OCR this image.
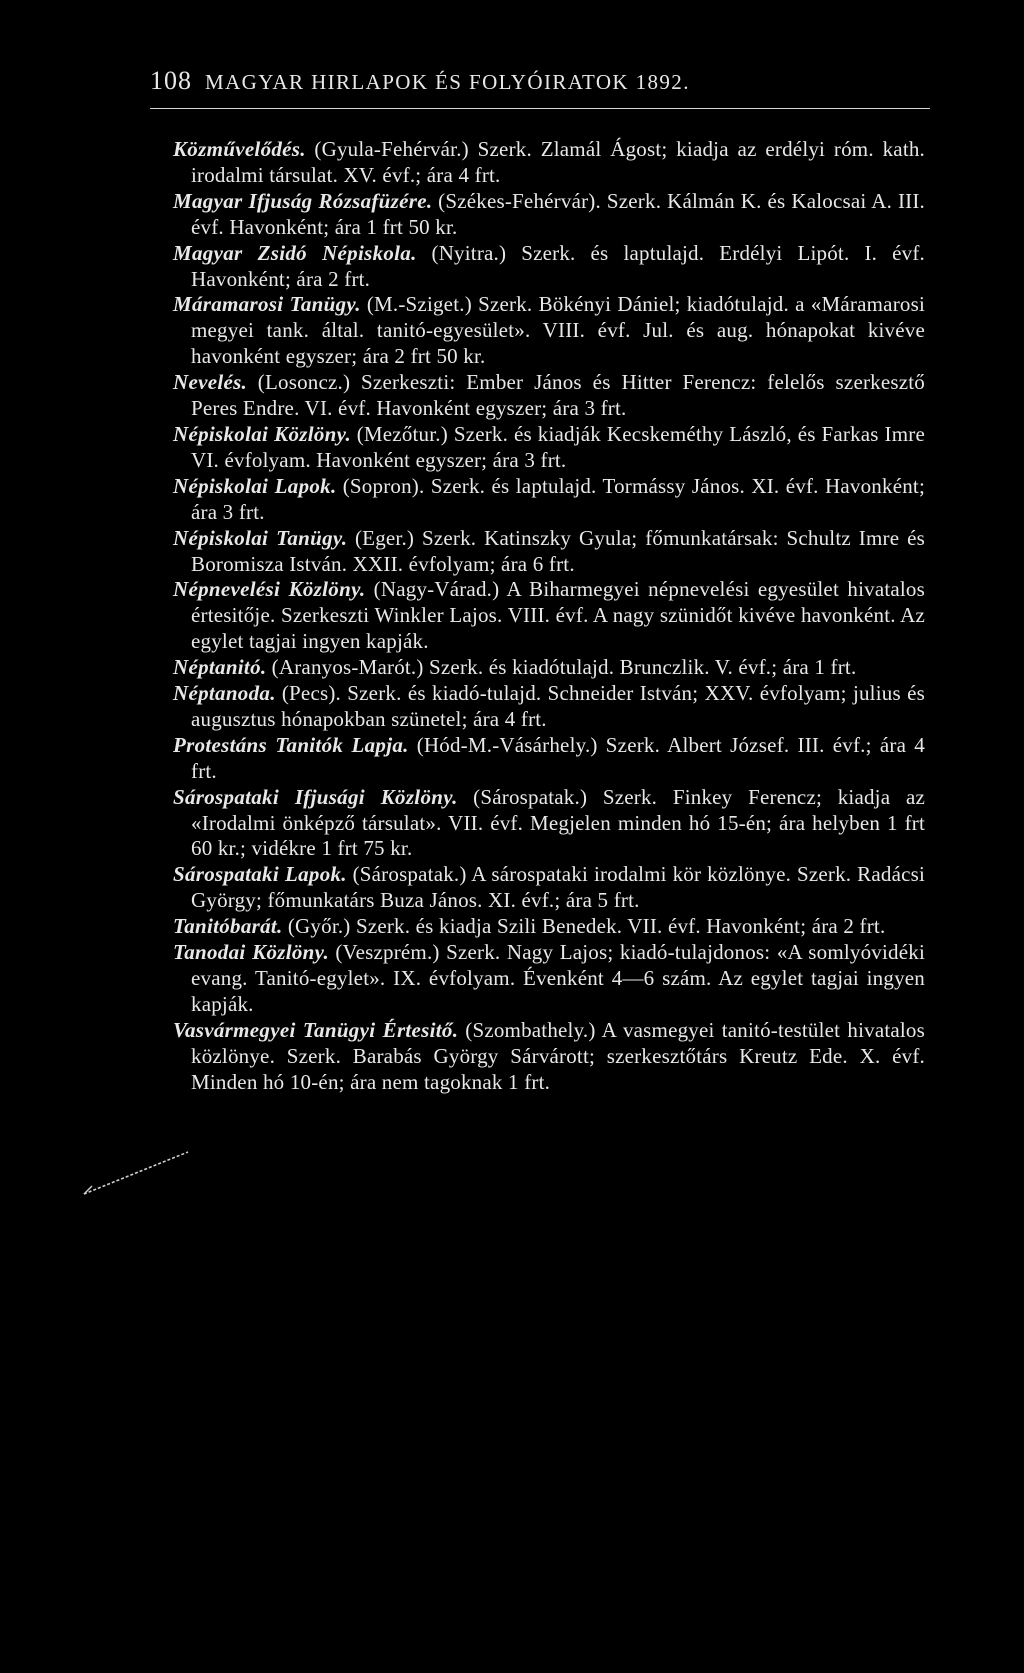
108 MAGYAR HIRLAPOK ÉS FOLYÓIRATOK 1892.
Közművelődés. (Gyula-Fehérvár.) Szerk. Zlamál Ágost; kiadja az erdélyi róm. kath. irodalmi társulat. XV. évf.; ára 4 frt.
Magyar Ifjuság Rózsafüzére. (Székes-Fehérvár). Szerk. Kálmán K. és Kalocsai A. III. évf. Havonként; ára 1 frt 50 kr.
Magyar Zsidó Népiskola. (Nyitra.) Szerk. és laptulajd. Erdélyi Lipót. I. évf. Havonként; ára 2 frt.
Máramarosi Tanügy. (M.-Sziget.) Szerk. Bökényi Dániel; kiadótulajd. a «Máramarosi megyei tank. által. tanitó-egyesület». VIII. évf. Jul. és aug. hónapokat kivéve havonként egyszer; ára 2 frt 50 kr.
Nevelés. (Losoncz.) Szerkeszti: Ember János és Hitter Ferencz: felelős szerkesztő Peres Endre. VI. évf. Havonként egyszer; ára 3 frt.
Népiskolai Közlöny. (Mezőtur.) Szerk. és kiadják Kecskeméthy László, és Farkas Imre VI. évfolyam. Havonként egyszer; ára 3 frt.
Népiskolai Lapok. (Sopron). Szerk. és laptulajd. Tormássy János. XI. évf. Havonként; ára 3 frt.
Népiskolai Tanügy. (Eger.) Szerk. Katinszky Gyula; főmunkatársak: Schultz Imre és Boromisza István. XXII. évfolyam; ára 6 frt.
Népnevelési Közlöny. (Nagy-Várad.) A Biharmegyei népnevelési egyesület hivatalos értesitője. Szerkeszti Winkler Lajos. VIII. évf. A nagy szünidőt kivéve havonként. Az egylet tagjai ingyen kapják.
Néptanitó. (Aranyos-Marót.) Szerk. és kiadótulajd. Brunczlik. V. évf.; ára 1 frt.
Néptanoda. (Pecs). Szerk. és kiadó-tulajd. Schneider István; XXV. évfolyam; julius és augusztus hónapokban szünetel; ára 4 frt.
Protestáns Tanitók Lapja. (Hód-M.-Vásárhely.) Szerk. Albert József. III. évf.; ára 4 frt.
Sárospataki Ifjusági Közlöny. (Sárospatak.) Szerk. Finkey Ferencz; kiadja az «Irodalmi önképző társulat». VII. évf. Megjelen minden hó 15-én; ára helyben 1 frt 60 kr.; vidékre 1 frt 75 kr.
Sárospataki Lapok. (Sárospatak.) A sárospataki irodalmi kör közlönye. Szerk. Radácsi György; főmunkatárs Buza János. XI. évf.; ára 5 frt.
Tanitóbarát. (Győr.) Szerk. és kiadja Szili Benedek. VII. évf. Havonként; ára 2 frt.
Tanodai Közlöny. (Veszprém.) Szerk. Nagy Lajos; kiadó-tulajdonos: «A somlyóvidéki evang. Tanitó-egylet». IX. évfolyam. Évenként 4—6 szám. Az egylet tagjai ingyen kapják.
Vasvármegyei Tanügyi Értesitő. (Szombathely.) A vasmegyei tanitó-testület hivatalos közlönye. Szerk. Barabás György Sárvárott; szerkesztőtárs Kreutz Ede. X. évf. Minden hó 10-én; ára nem tagoknak 1 frt.
